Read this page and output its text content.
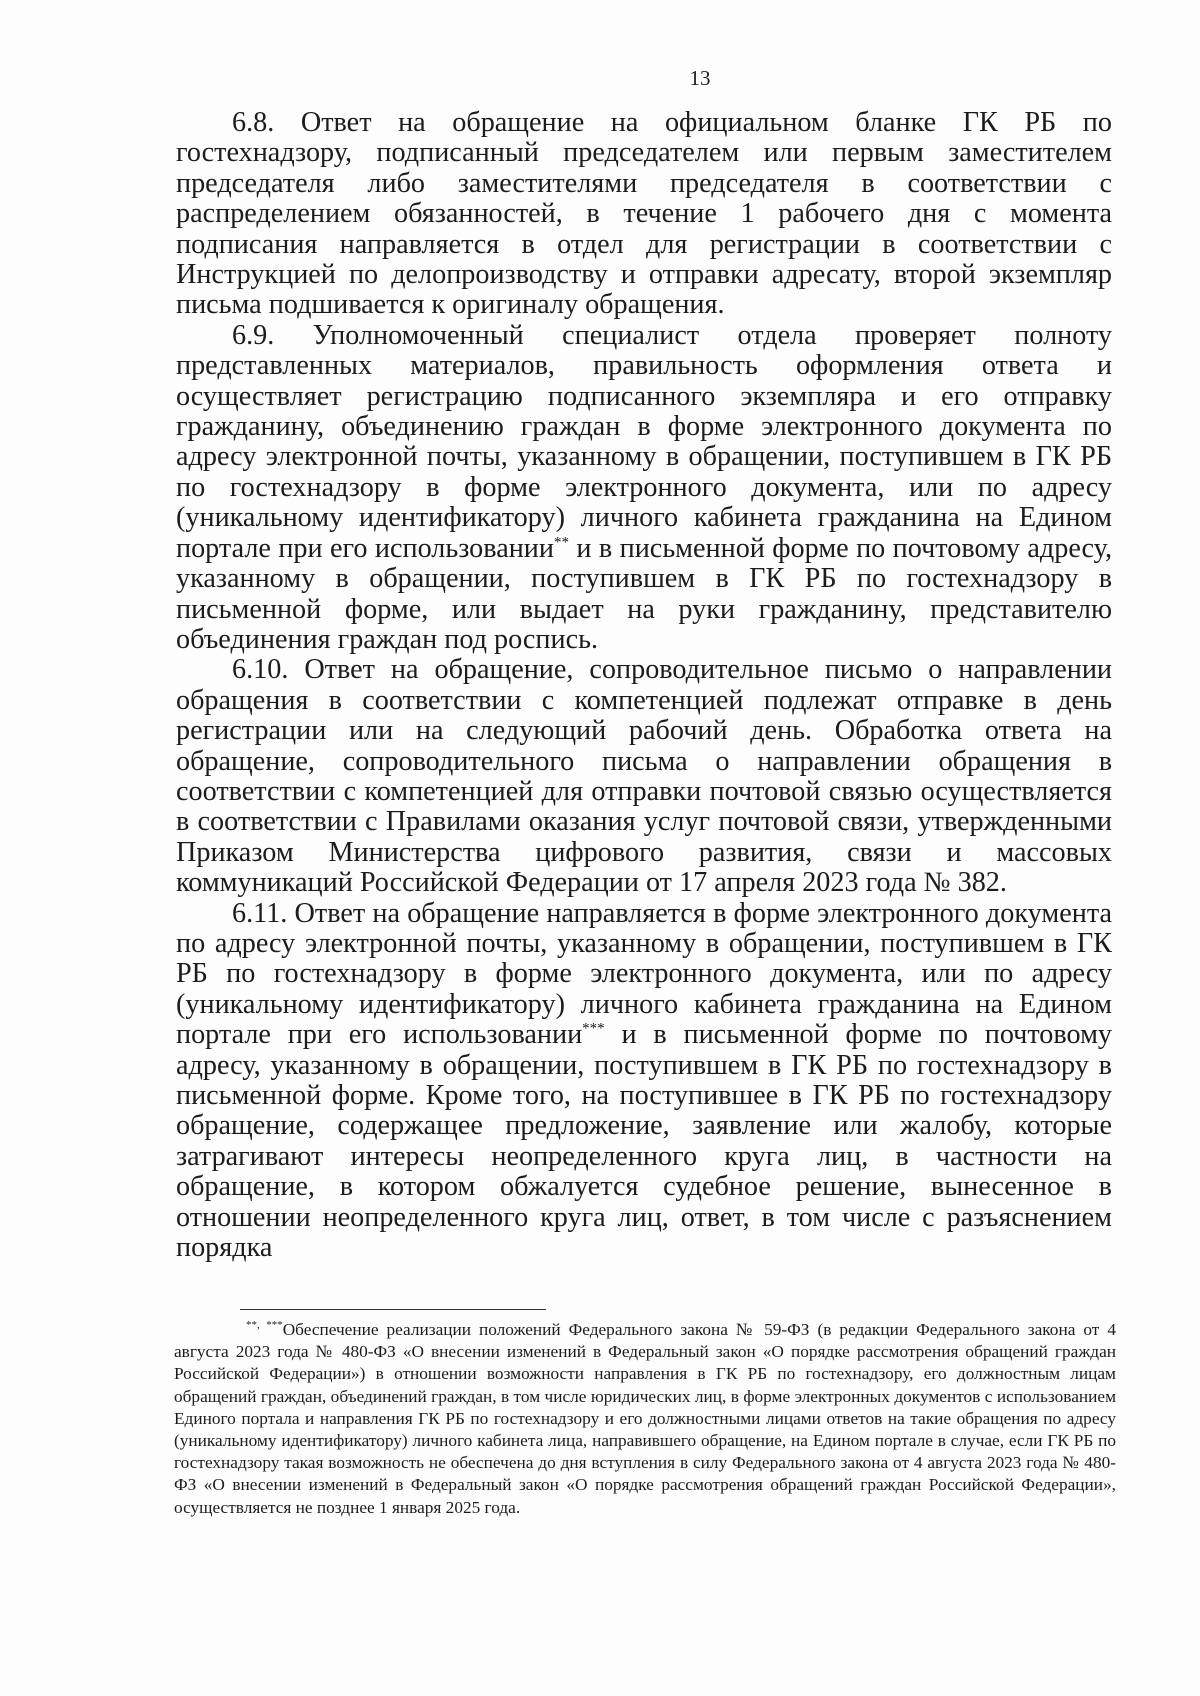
13

6.8. Ответ на обращение на официальном бланке ГК РБ по гостехнадзору, подписанный председателем или первым заместителем председателя либо заместителями председателя в соответствии с распределением обязанностей, в течение 1 рабочего дня с момента подписания направляется в отдел для регистрации в соответствии с Инструкцией по делопроизводству и отправки адресату, второй экземпляр письма подшивается к оригиналу обращения.

6.9. Уполномоченный специалист отдела проверяет полноту представленных материалов, правильность оформления ответа и осуществляет регистрацию подписанного экземпляра и его отправку гражданину, объединению граждан в форме электронного документа по адресу электронной почты, указанному в обращении, поступившем в ГК РБ по гостехнадзору в форме электронного документа, или по адресу (уникальному идентификатору) личного кабинета гражданина на Едином портале при его использовании** и в письменной форме по почтовому адресу, указанному в обращении, поступившем в ГК РБ по гостехнадзору в письменной форме, или выдает на руки гражданину, представителю объединения граждан под роспись.

6.10. Ответ на обращение, сопроводительное письмо о направлении обращения в соответствии с компетенцией подлежат отправке в день регистрации или на следующий рабочий день. Обработка ответа на обращение, сопроводительного письма о направлении обращения в соответствии с компетенцией для отправки почтовой связью осуществляется в соответствии с Правилами оказания услуг почтовой связи, утвержденными Приказом Министерства цифрового развития, связи и массовых коммуникаций Российской Федерации от 17 апреля 2023 года № 382.

6.11. Ответ на обращение направляется в форме электронного документа по адресу электронной почты, указанному в обращении, поступившем в ГК РБ по гостехнадзору в форме электронного документа, или по адресу (уникальному идентификатору) личного кабинета гражданина на Едином портале при его использовании*** и в письменной форме по почтовому адресу, указанному в обращении, поступившем в ГК РБ по гостехнадзору в письменной форме. Кроме того, на поступившее в ГК РБ по гостехнадзору обращение, содержащее предложение, заявление или жалобу, которые затрагивают интересы неопределенного круга лиц, в частности на обращение, в котором обжалуется судебное решение, вынесенное в отношении неопределенного круга лиц, ответ, в том числе с разъяснением порядка

**, ***Обеспечение реализации положений Федерального закона № 59-ФЗ (в редакции Федерального закона от 4 августа 2023 года № 480-ФЗ «О внесении изменений в Федеральный закон «О порядке рассмотрения обращений граждан Российской Федерации») в отношении возможности направления в ГК РБ по гостехнадзору, его должностным лицам обращений граждан, объединений граждан, в том числе юридических лиц, в форме электронных документов с использованием Единого портала и направления ГК РБ по гостехнадзору и его должностными лицами ответов на такие обращения по адресу (уникальному идентификатору) личного кабинета лица, направившего обращение, на Едином портале в случае, если ГК РБ по гостехнадзору такая возможность не обеспечена до дня вступления в силу Федерального закона от 4 августа 2023 года № 480-ФЗ «О внесении изменений в Федеральный закон «О порядке рассмотрения обращений граждан Российской Федерации», осуществляется не позднее 1 января 2025 года.
